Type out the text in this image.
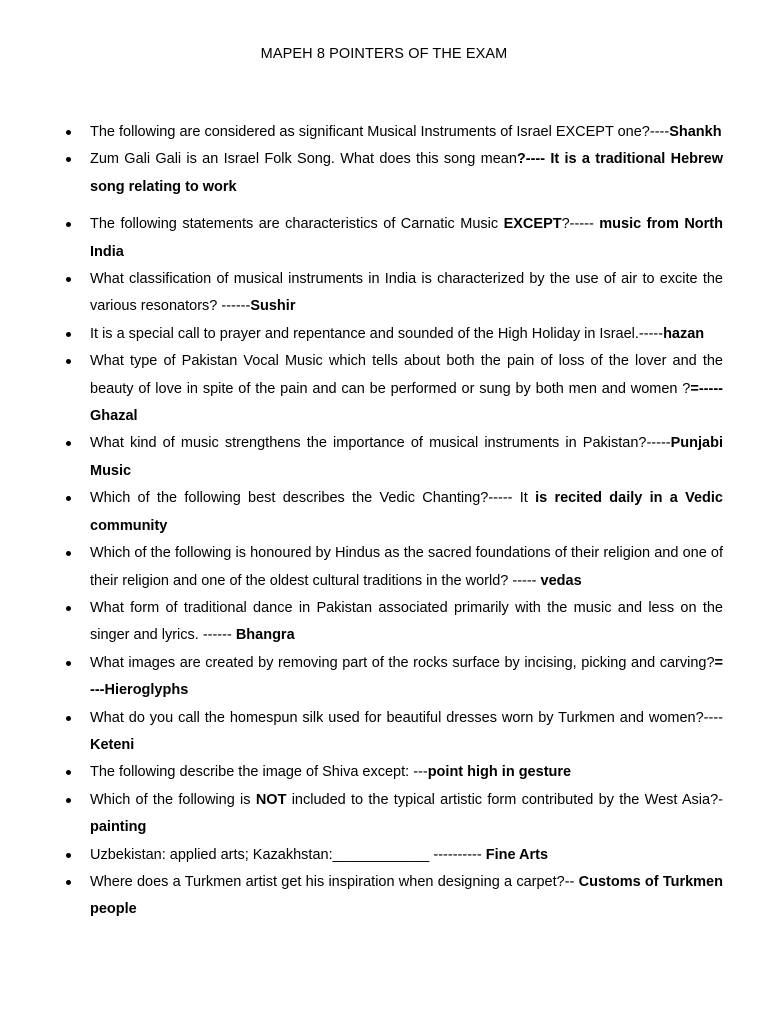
MAPEH 8 POINTERS OF THE EXAM
The following are considered as significant Musical Instruments of Israel EXCEPT one?----Shankh
Zum Gali Gali is an Israel Folk Song. What does this song mean?---- It is a traditional Hebrew song relating to work
The following statements are characteristics of Carnatic Music EXCEPT?----- music from North India
What classification of musical instruments in India is characterized by the use of air to excite the various resonators? ------Sushir
It is a special call to prayer and repentance and sounded of the High Holiday in Israel.-----hazan
What type of Pakistan Vocal Music which tells about both the pain of loss of the lover and the beauty of love in spite of the pain and can be performed or sung by both men and women ?=----- Ghazal
What kind of music strengthens the importance of musical instruments in Pakistan?-----Punjabi Music
Which of the following best describes the Vedic Chanting?----- It is recited daily in a Vedic community
Which of the following is honoured by Hindus as the sacred foundations of their religion and one of their religion and one of the oldest cultural traditions in the world? ----- vedas
What form of traditional dance in Pakistan associated primarily with the music and less on the singer and lyrics. ------ Bhangra
What images are created by removing part of the rocks surface by incising, picking and carving?= ---Hieroglyphs
What do you call the homespun silk used for beautiful dresses worn by Turkmen and women?---- Keteni
The following describe the image of Shiva except: ---point high in gesture
Which of the following is NOT included to the typical artistic form contributed by the West Asia?-painting
Uzbekistan: applied arts; Kazakhstan:____________ ---------- Fine Arts
Where does a Turkmen artist get his inspiration when designing a carpet?-- Customs of Turkmen people
